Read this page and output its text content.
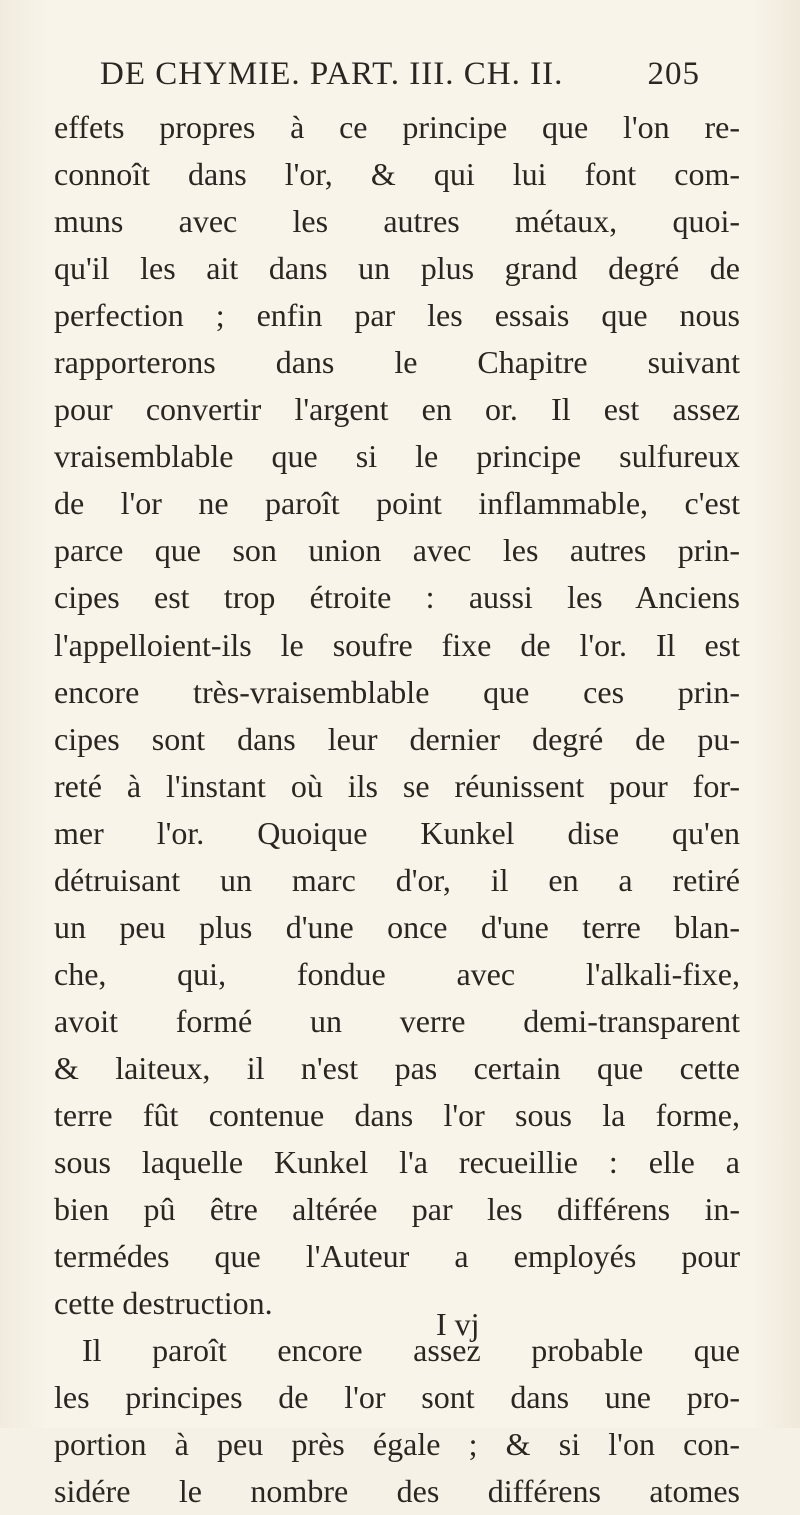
DE CHYMIE. PART. III. CH. II.	205
effets propres à ce principe que l'on re-
connoît dans l'or, & qui lui font com-
muns avec les autres métaux, quoi-
qu'il les ait dans un plus grand degré de
perfection ; enfin par les essais que nous
rapporterons dans le Chapitre suivant
pour convertir l'argent en or. Il est assez
vraisemblable que si le principe sulfureux
de l'or ne paroît point inflammable, c'est
parce que son union avec les autres prin-
cipes est trop étroite : aussi les Anciens
l'appelloient-ils le soufre fixe de l'or. Il est
encore très-vraisemblable que ces prin-
cipes sont dans leur dernier degré de pu-
reté à l'instant où ils se réunissent pour for-
mer l'or. Quoique Kunkel dise qu'en
détruisant un marc d'or, il en a retiré
un peu plus d'une once d'une terre blan-
che, qui, fondue avec l'alkali-fixe,
avoit formé un verre demi-transparent
& laiteux, il n'est pas certain que cette
terre fût contenue dans l'or sous la forme,
sous laquelle Kunkel l'a recueillie : elle a
bien pû être altérée par les différens in-
termédes que l'Auteur a employés pour
cette destruction.
Il paroît encore assez probable que
les principes de l'or sont dans une pro-
portion à peu près égale ; & si l'on con-
sidére le nombre des différens atomes
I vj
